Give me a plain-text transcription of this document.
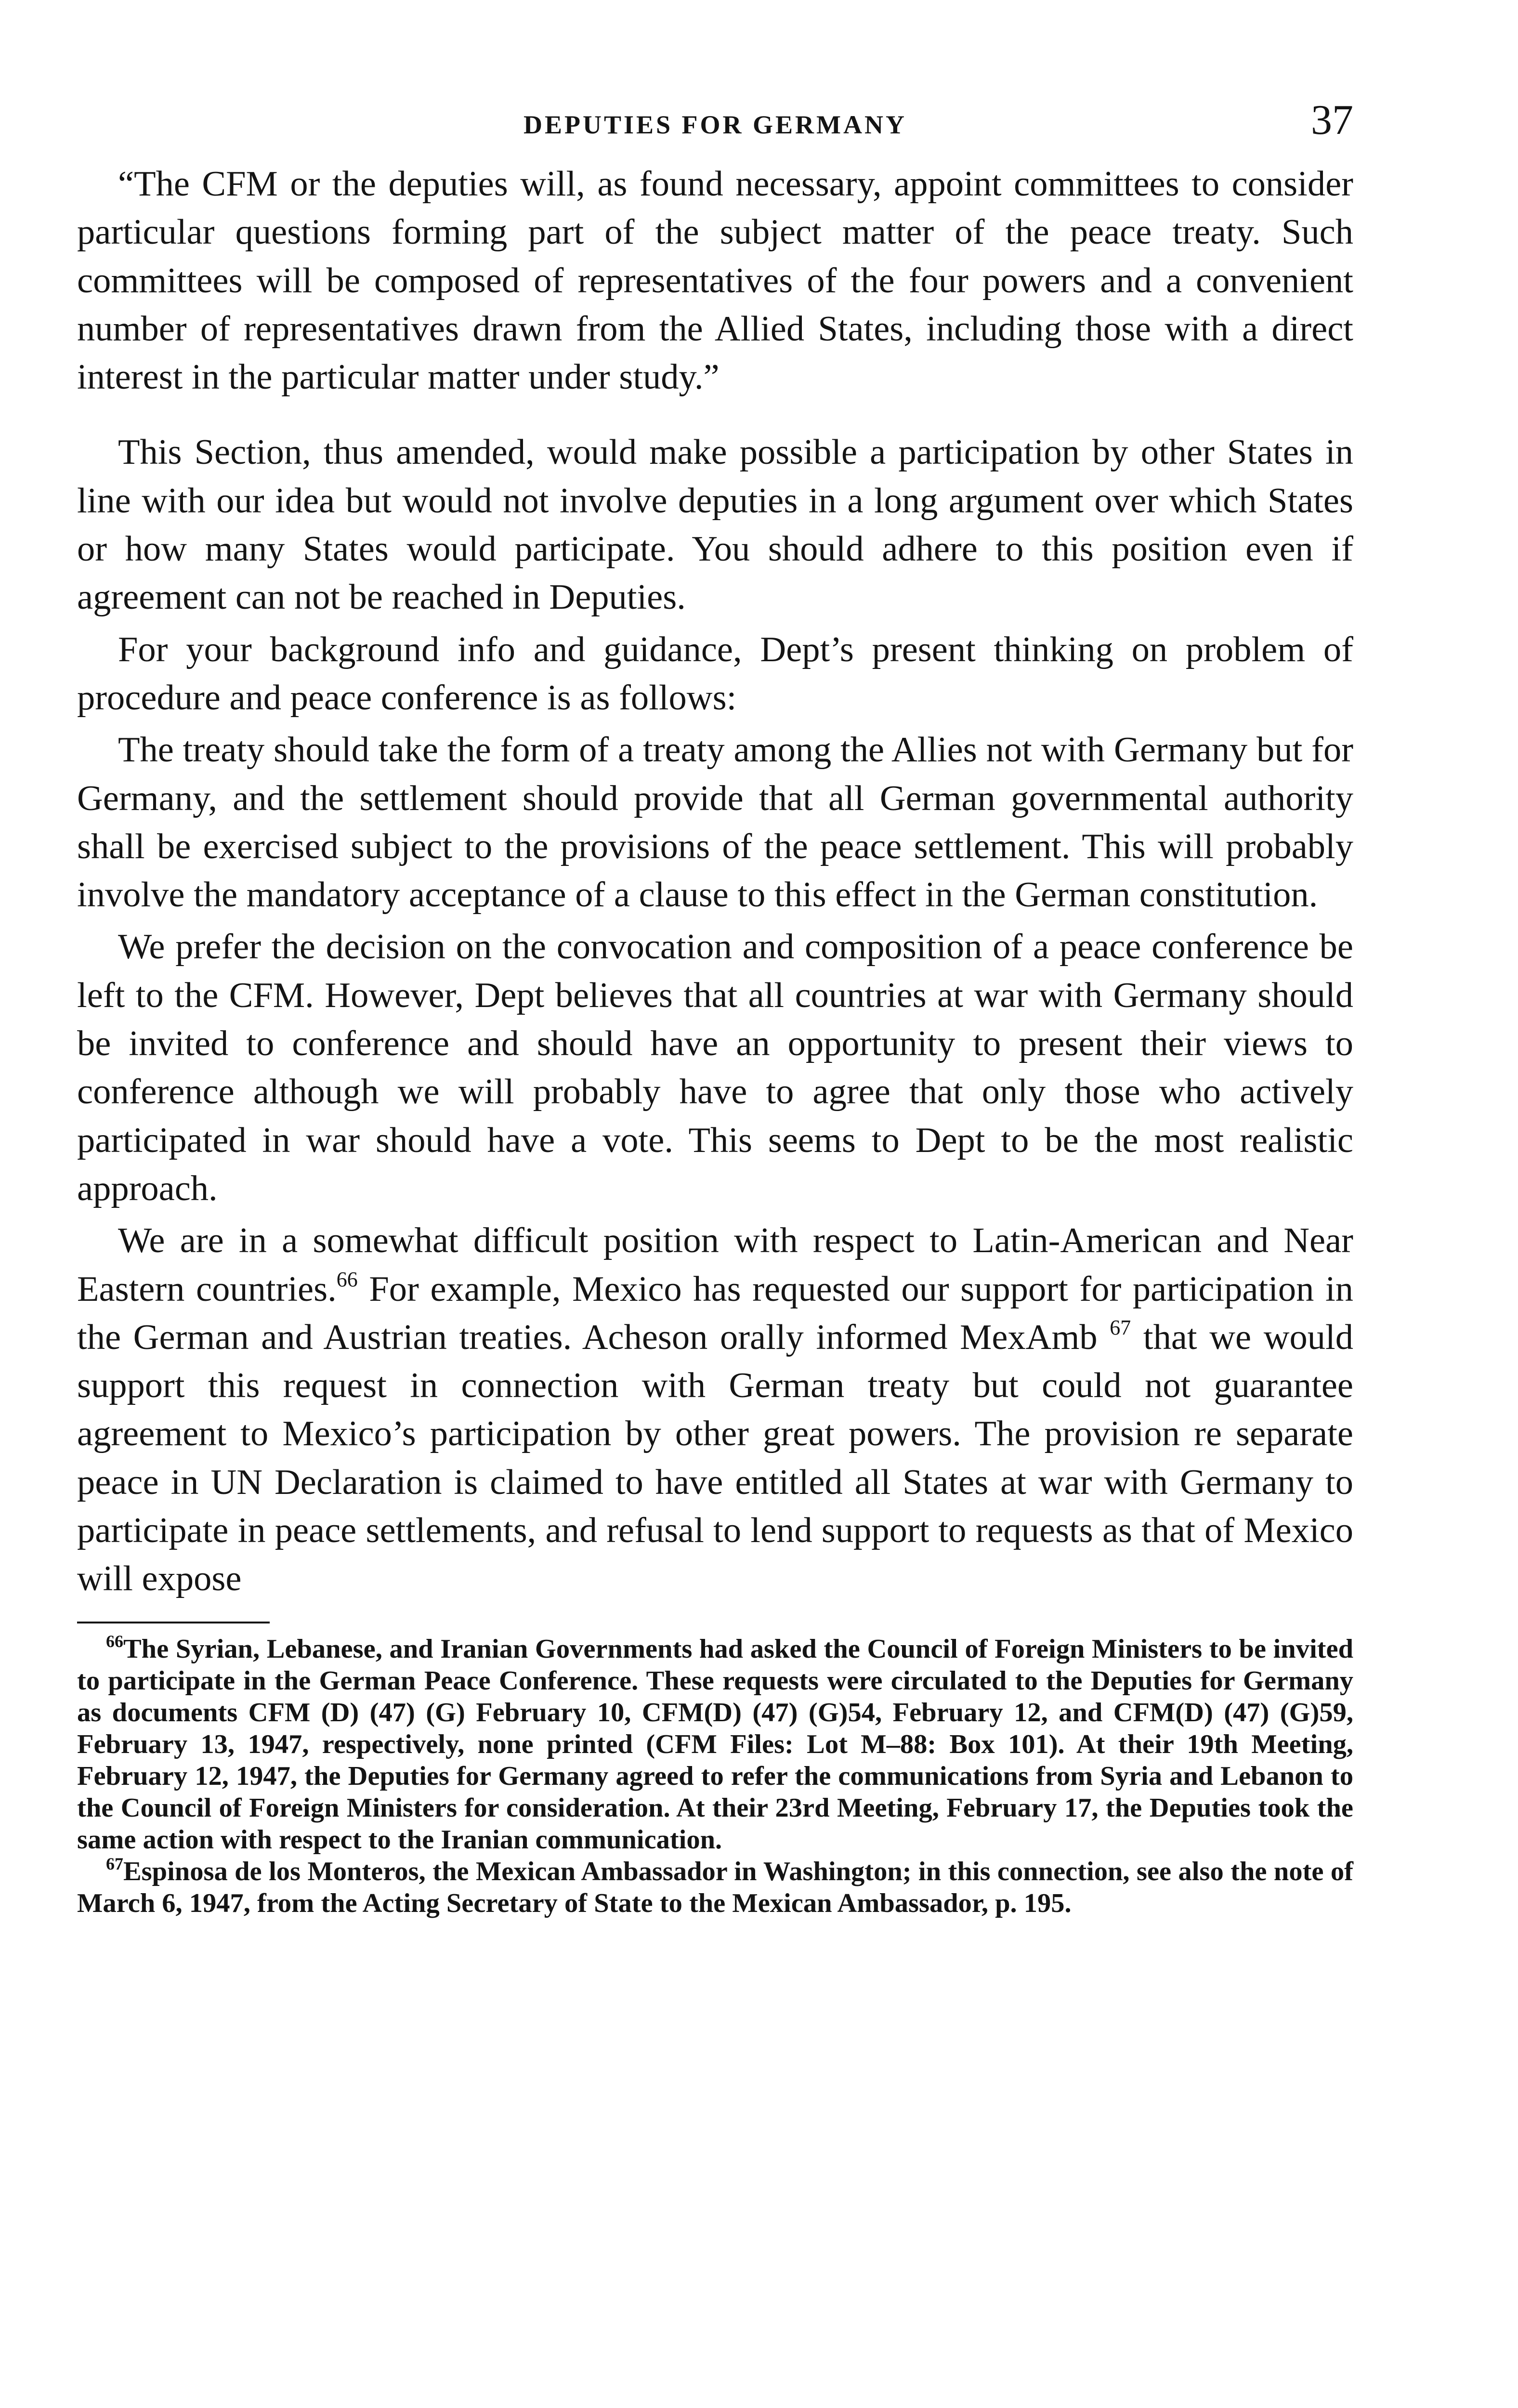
DEPUTIES FOR GERMANY	37

“The CFM or the deputies will, as found necessary, appoint committees to consider particular questions forming part of the subject matter of the peace treaty. Such committees will be composed of representatives of the four powers and a convenient number of representatives drawn from the Allied States, including those with a direct interest in the particular matter under study.”

This Section, thus amended, would make possible a participation by other States in line with our idea but would not involve deputies in a long argument over which States or how many States would participate. You should adhere to this position even if agreement can not be reached in Deputies.

For your background info and guidance, Dept’s present thinking on problem of procedure and peace conference is as follows:

The treaty should take the form of a treaty among the Allies not with Germany but for Germany, and the settlement should provide that all German governmental authority shall be exercised subject to the provisions of the peace settlement. This will probably involve the mandatory acceptance of a clause to this effect in the German constitution.

We prefer the decision on the convocation and composition of a peace conference be left to the CFM. However, Dept believes that all countries at war with Germany should be invited to conference and should have an opportunity to present their views to conference although we will probably have to agree that only those who actively participated in war should have a vote. This seems to Dept to be the most realistic approach.

We are in a somewhat difficult position with respect to Latin-American and Near Eastern countries.$^{66}$ For example, Mexico has requested our support for participation in the German and Austrian treaties. Acheson orally informed MexAmb $^{67}$ that we would support this request in connection with German treaty but could not guarantee agreement to Mexico’s participation by other great powers. The provision re separate peace in UN Declaration is claimed to have entitled all States at war with Germany to participate in peace settlements, and refusal to lend support to requests as that of Mexico will expose

$^{66}$The Syrian, Lebanese, and Iranian Governments had asked the Council of Foreign Ministers to be invited to participate in the German Peace Conference. These requests were circulated to the Deputies for Germany as documents CFM (D) (47) (G) February 10, CFM(D) (47) (G)54, February 12, and CFM(D) (47) (G)59, February 13, 1947, respectively, none printed (CFM Files: Lot M–88: Box 101). At their 19th Meeting, February 12, 1947, the Deputies for Germany agreed to refer the communications from Syria and Lebanon to the Council of Foreign Ministers for consideration. At their 23rd Meeting, February 17, the Deputies took the same action with respect to the Iranian communication.

$^{67}$Espinosa de los Monteros, the Mexican Ambassador in Washington; in this connection, see also the note of March 6, 1947, from the Acting Secretary of State to the Mexican Ambassador, p. 195.
